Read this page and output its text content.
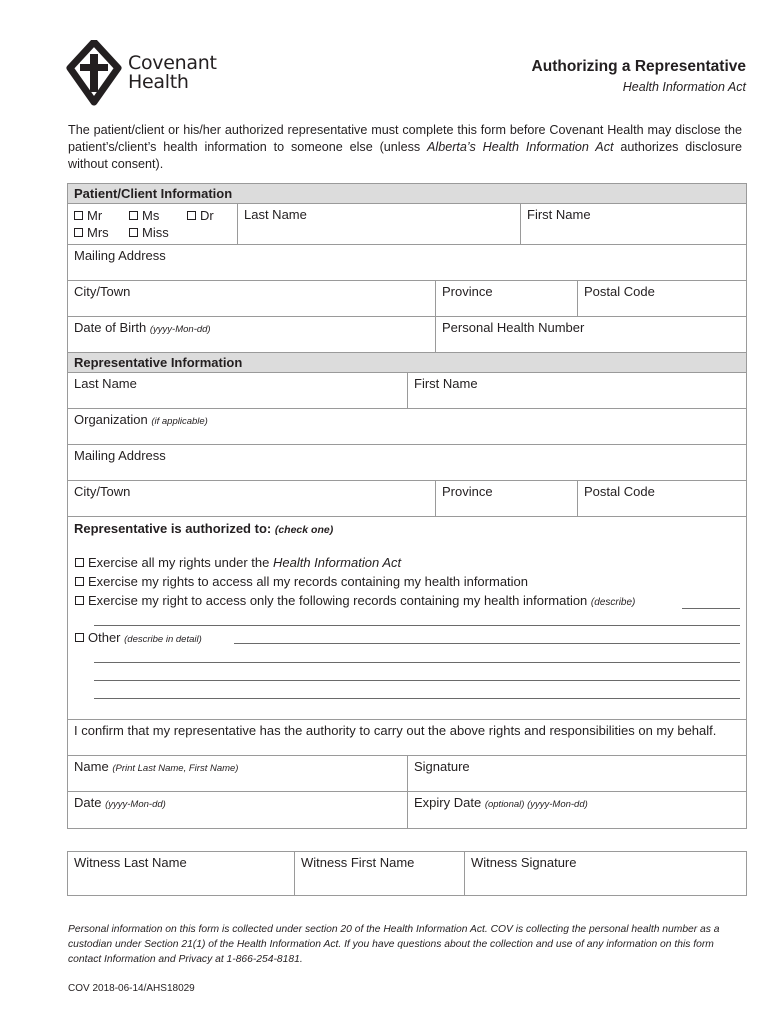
Covenant
Health
Authorizing a Representative
Health Information Act
The patient/client or his/her authorized representative must complete this form before Covenant Health may disclose the patient’s/client’s health information to someone else (unless Alberta’s Health Information Act authorizes disclosure without consent).
Patient/Client Information
Mr	Ms	Dr
Mrs	Miss
Last Name	First Name
Mailing Address
City/Town	Province	Postal Code
Date of Birth (yyyy-Mon-dd)	Personal Health Number
Representative Information
Last Name	First Name
Organization (if applicable)
Mailing Address
City/Town	Province	Postal Code
Representative is authorized to: (check one)
Exercise all my rights under the Health Information Act
Exercise my rights to access all my records containing my health information
Exercise my right to access only the following records containing my health information (describe)
Other (describe in detail)
I confirm that my representative has the authority to carry out the above rights and responsibilities on my behalf.
Name (Print Last Name, First Name)	Signature
Date (yyyy-Mon-dd)	Expiry Date (optional) (yyyy-Mon-dd)
Witness Last Name	Witness First Name	Witness Signature
Personal information on this form is collected under section 20 of the Health Information Act. COV is collecting the personal health number as a custodian under Section 21(1) of the Health Information Act. If you have questions about the collection and use of any information on this form contact Information and Privacy at 1-866-254-8181.
COV 2018-06-14/AHS18029
